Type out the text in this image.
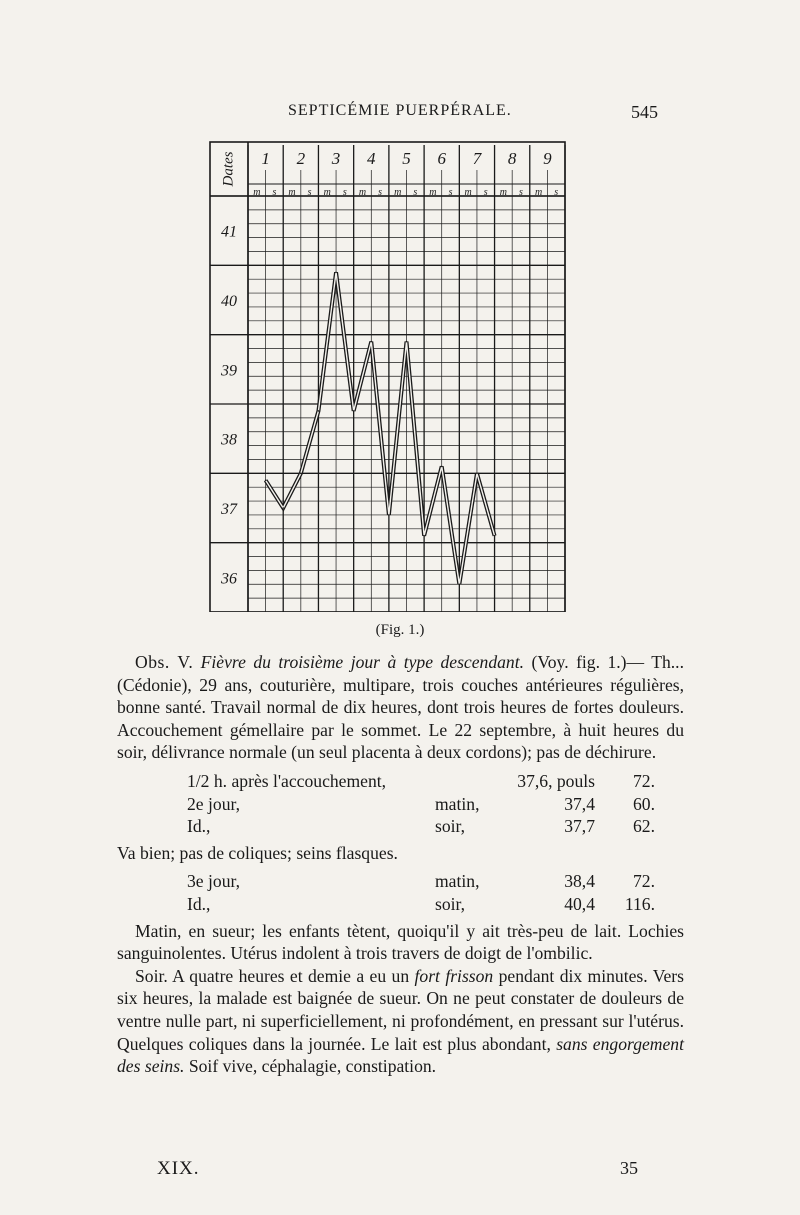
SEPTICÉMIE PUERPÉRALE.	545
Dates 1
m s
2
m s
3
m s
4
m s
5
m s
6
m s
7
m s
8
m s
9
m s
41
40
39
38
37
36
(Fig. 1.)

Obs. V. Fièvre du troisième jour à type descendant. (Voy. fig. 1.)— Th... (Cédonie), 29 ans, couturière, multipare, trois couches antérieures régulières, bonne santé. Travail normal de dix heures, dont trois heures de fortes douleurs. Accouchement gémellaire par le sommet. Le 22 septembre, à huit heures du soir, délivrance normale (un seul placenta à deux cordons); pas de déchirure.

1/2 h. après l'accouchement,		37,6, pouls	72.
2e jour,	matin,	37,4	60.
Id.,	soir,	37,7	62.

Va bien; pas de coliques; seins flasques.

3e jour,	matin,	38,4	72.
Id.,	soir,	40,4	116.

Matin, en sueur; les enfants tètent, quoiqu'il y ait très-peu de lait. Lochies sanguinolentes. Utérus indolent à trois travers de doigt de l'ombilic.

Soir. A quatre heures et demie a eu un fort frisson pendant dix minutes. Vers six heures, la malade est baignée de sueur. On ne peut constater de douleurs de ventre nulle part, ni superficiellement, ni profondément, en pressant sur l'utérus. Quelques coliques dans la journée. Le lait est plus abondant, sans engorgement des seins. Soif vive, céphalagie, constipation.

XIX.	35
